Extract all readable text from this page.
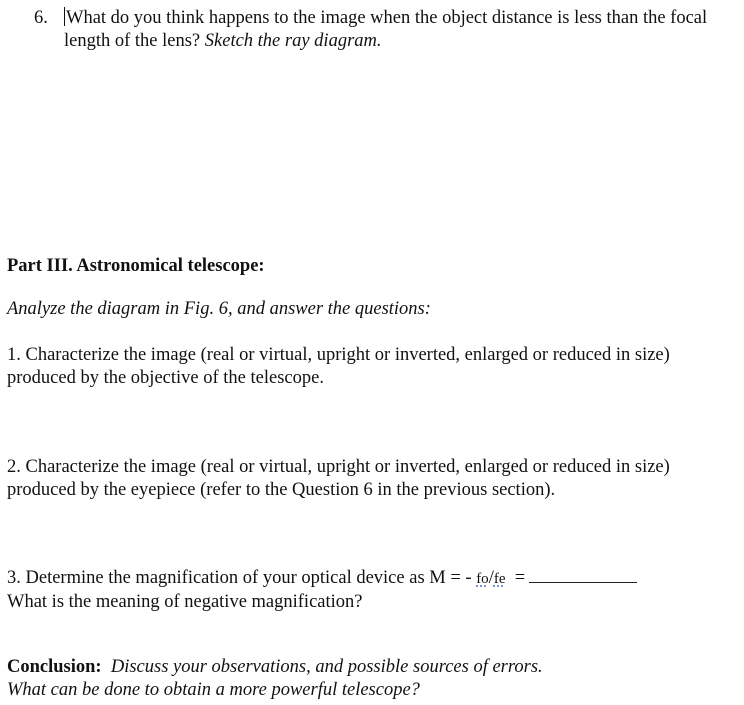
6. What do you think happens to the image when the object distance is less than the focal
length of the lens? Sketch the ray diagram.
Part III. Astronomical telescope:
Analyze the diagram in Fig. 6, and answer the questions:
1. Characterize the image (real or virtual, upright or inverted, enlarged or reduced in size)
produced by the objective of the telescope.
2. Characterize the image (real or virtual, upright or inverted, enlarged or reduced in size)
produced by the eyepiece (refer to the Question 6 in the previous section).
3. Determine the magnification of your optical device as M = - fo/fe =
What is the meaning of negative magnification?
Conclusion: Discuss your observations, and possible sources of errors.
What can be done to obtain a more powerful telescope?
